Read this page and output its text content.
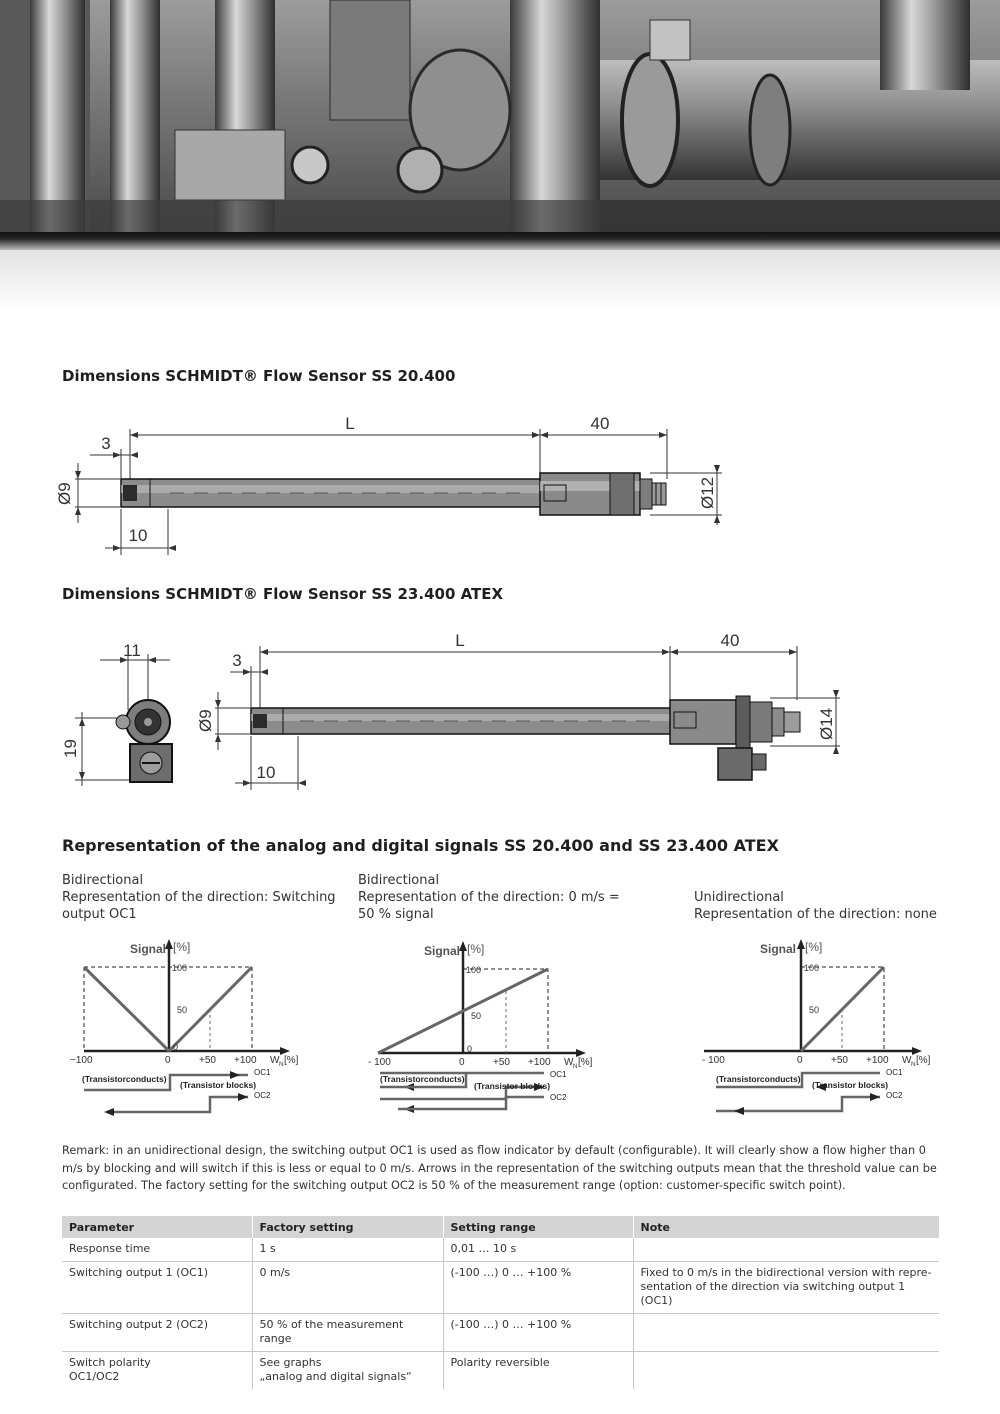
Dimensions SCHMIDT® Flow Sensor SS 20.400
3
L	40
Ø9	Ø12
10
Dimensions SCHMIDT® Flow Sensor SS 23.400 ATEX
11
19
3
L	40
Ø9	Ø14
10
Representation of the analog and digital signals SS 20.400 and SS 23.400 ATEX
Bidirectional
Representation of the direction: Switching
output OC1
Bidirectional
Representation of the direction: 0 m/s =
50 % signal
Unidirectional
Representation of the direction: none
Signal [%]
100
50
0
−100	0	+50 +100 W N [%]
(Transistorconducts)
(Transistor blocks)
OC1
OC2
Signal [%]
100
50
0
- 100	0	+50 +100 W N [%]
(Transistorconducts)
(Transistor blocks)
OC1
OC2
Signal [%]
100
50
- 100	0	+50 +100 W N [%]
(Transistorconducts)
(Transistor blocks)
OC1
OC2

Remark: in an unidirectional design, the switching output OC1 is used as flow indicator by default (configurable). It will clearly show a flow higher than 0 m/s by blocking and will switch if this is less or equal to 0 m/s. Arrows in the representation of the switching outputs mean that the threshold value can be configurated. The factory setting for the switching output OC2 is 50 % of the measurement range (option: customer-specific switch point).

Parameter	Factory setting	Setting range	Note

Response time	1 s	0,01 … 10 s	

Switching output 1 (OC1)	0 m/s	(-100 …) 0 … +100 %	Fixed to 0 m/s in the bidirectional version with repre-
sentation of the direction via switching output 1 (OC1)

Switching output 2 (OC2)	50 % of the measurement range	(-100 …) 0 … +100 %	

Switch polarity
OC1/OC2	See graphs
„analog and digital signals“	Polarity reversible	
